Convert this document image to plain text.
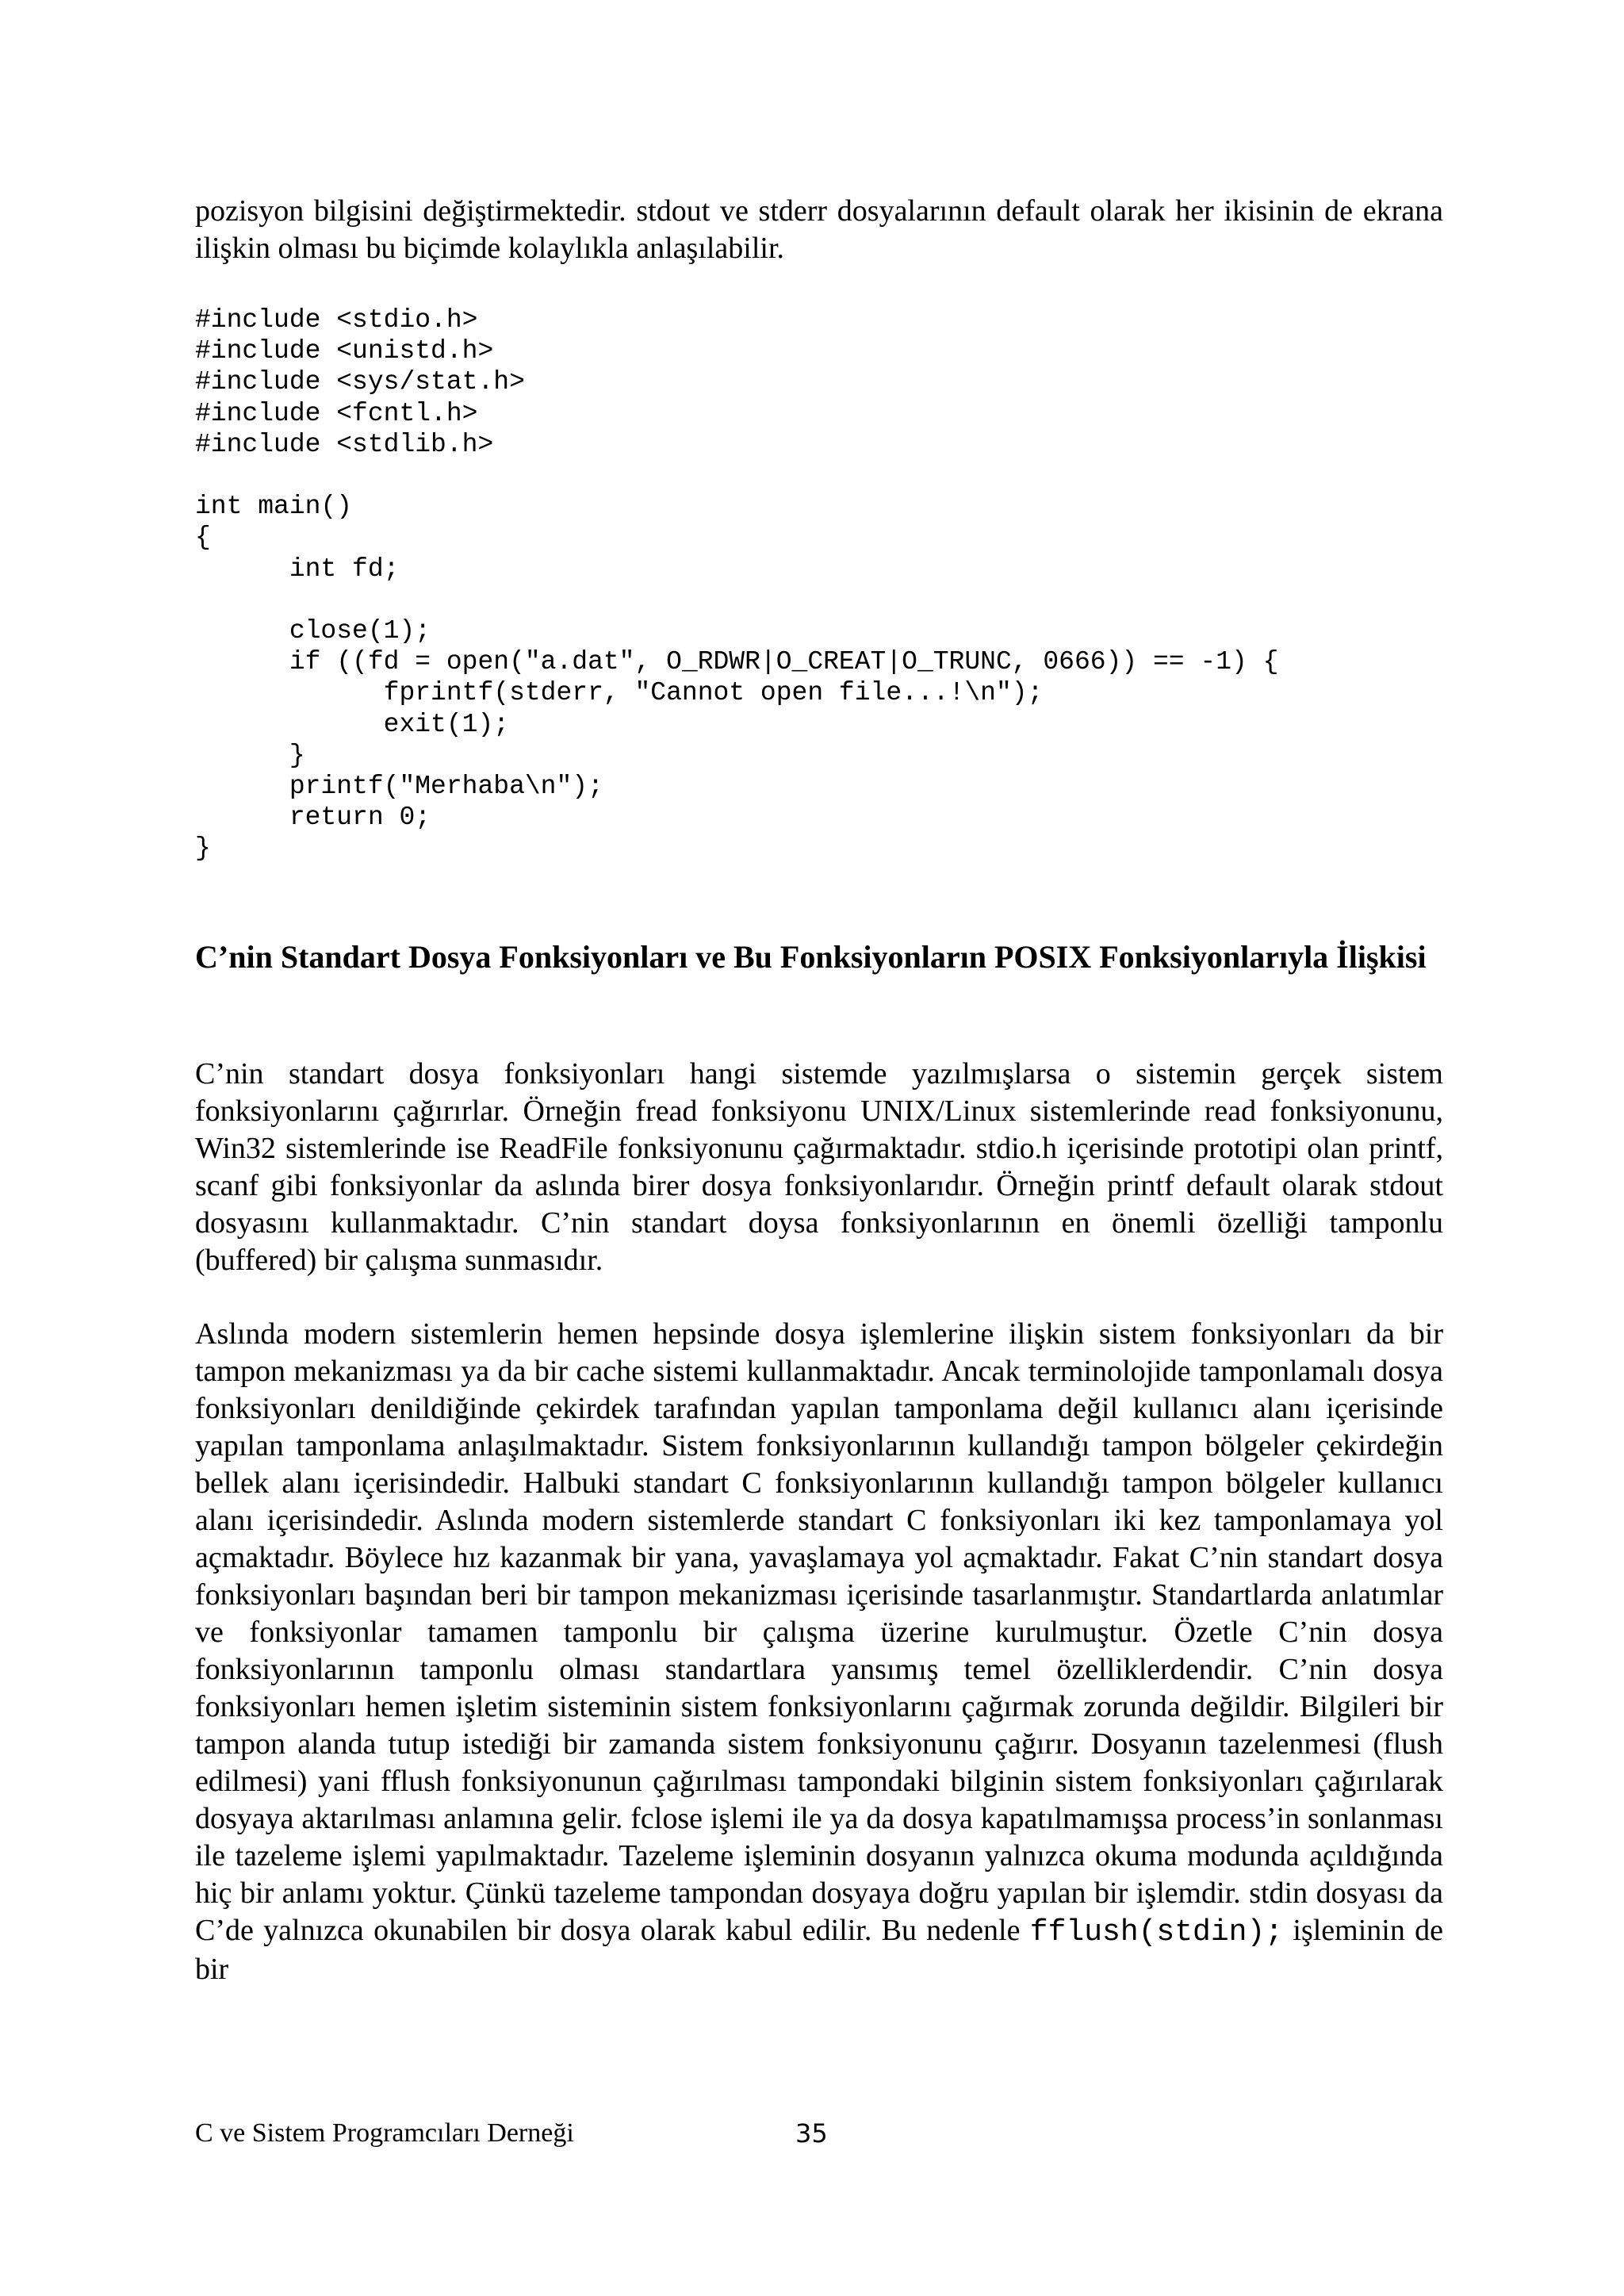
pozisyon bilgisini değiştirmektedir. stdout ve stderr dosyalarının default olarak her ikisinin de ekrana ilişkin olması bu biçimde kolaylıkla anlaşılabilir.

#include <stdio.h>
#include <unistd.h>
#include <sys/stat.h>
#include <fcntl.h>
#include <stdlib.h>

int main()
{
int fd;

close(1);
if ((fd = open("a.dat", O_RDWR|O_CREAT|O_TRUNC, 0666)) == -1) {
fprintf(stderr, "Cannot open file...!\n");
exit(1);
}
printf("Merhaba\n");
return 0;
}
C’nin Standart Dosya Fonksiyonları ve Bu Fonksiyonların POSIX Fonksiyonlarıyla İlişkisi

C’nin standart dosya fonksiyonları hangi sistemde yazılmışlarsa o sistemin gerçek sistem fonksiyonlarını çağırırlar. Örneğin fread fonksiyonu UNIX/Linux sistemlerinde read fonksiyonunu, Win32 sistemlerinde ise ReadFile fonksiyonunu çağırmaktadır. stdio.h içerisinde prototipi olan printf, scanf gibi fonksiyonlar da aslında birer dosya fonksiyonlarıdır. Örneğin printf default olarak stdout dosyasını kullanmaktadır. C’nin standart doysa fonksiyonlarının en önemli özelliği tamponlu (buffered) bir çalışma sunmasıdır.

Aslında modern sistemlerin hemen hepsinde dosya işlemlerine ilişkin sistem fonksiyonları da bir tampon mekanizması ya da bir cache sistemi kullanmaktadır. Ancak terminolojide tamponlamalı dosya fonksiyonları denildiğinde çekirdek tarafından yapılan tamponlama değil kullanıcı alanı içerisinde yapılan tamponlama anlaşılmaktadır. Sistem fonksiyonlarının kullandığı tampon bölgeler çekirdeğin bellek alanı içerisindedir. Halbuki standart C fonksiyonlarının kullandığı tampon bölgeler kullanıcı alanı içerisindedir. Aslında modern sistemlerde standart C fonksiyonları iki kez tamponlamaya yol açmaktadır. Böylece hız kazanmak bir yana, yavaşlamaya yol açmaktadır. Fakat C’nin standart dosya fonksiyonları başından beri bir tampon mekanizması içerisinde tasarlanmıştır. Standartlarda anlatımlar ve fonksiyonlar tamamen tamponlu bir çalışma üzerine kurulmuştur. Özetle C’nin dosya fonksiyonlarının tamponlu olması standartlara yansımış temel özelliklerdendir. C’nin dosya fonksiyonları hemen işletim sisteminin sistem fonksiyonlarını çağırmak zorunda değildir. Bilgileri bir tampon alanda tutup istediği bir zamanda sistem fonksiyonunu çağırır. Dosyanın tazelenmesi (flush edilmesi) yani fflush fonksiyonunun çağırılması tampondaki bilginin sistem fonksiyonları çağırılarak dosyaya aktarılması anlamına gelir. fclose işlemi ile ya da dosya kapatılmamışsa process’in sonlanması ile tazeleme işlemi yapılmaktadır. Tazeleme işleminin dosyanın yalnızca okuma modunda açıldığında hiç bir anlamı yoktur. Çünkü tazeleme tampondan dosyaya doğru yapılan bir işlemdir. stdin dosyası da C’de yalnızca okunabilen bir dosya olarak kabul edilir. Bu nedenle fflush(stdin); işleminin de bir

C ve Sistem Programcıları Derneği	35
